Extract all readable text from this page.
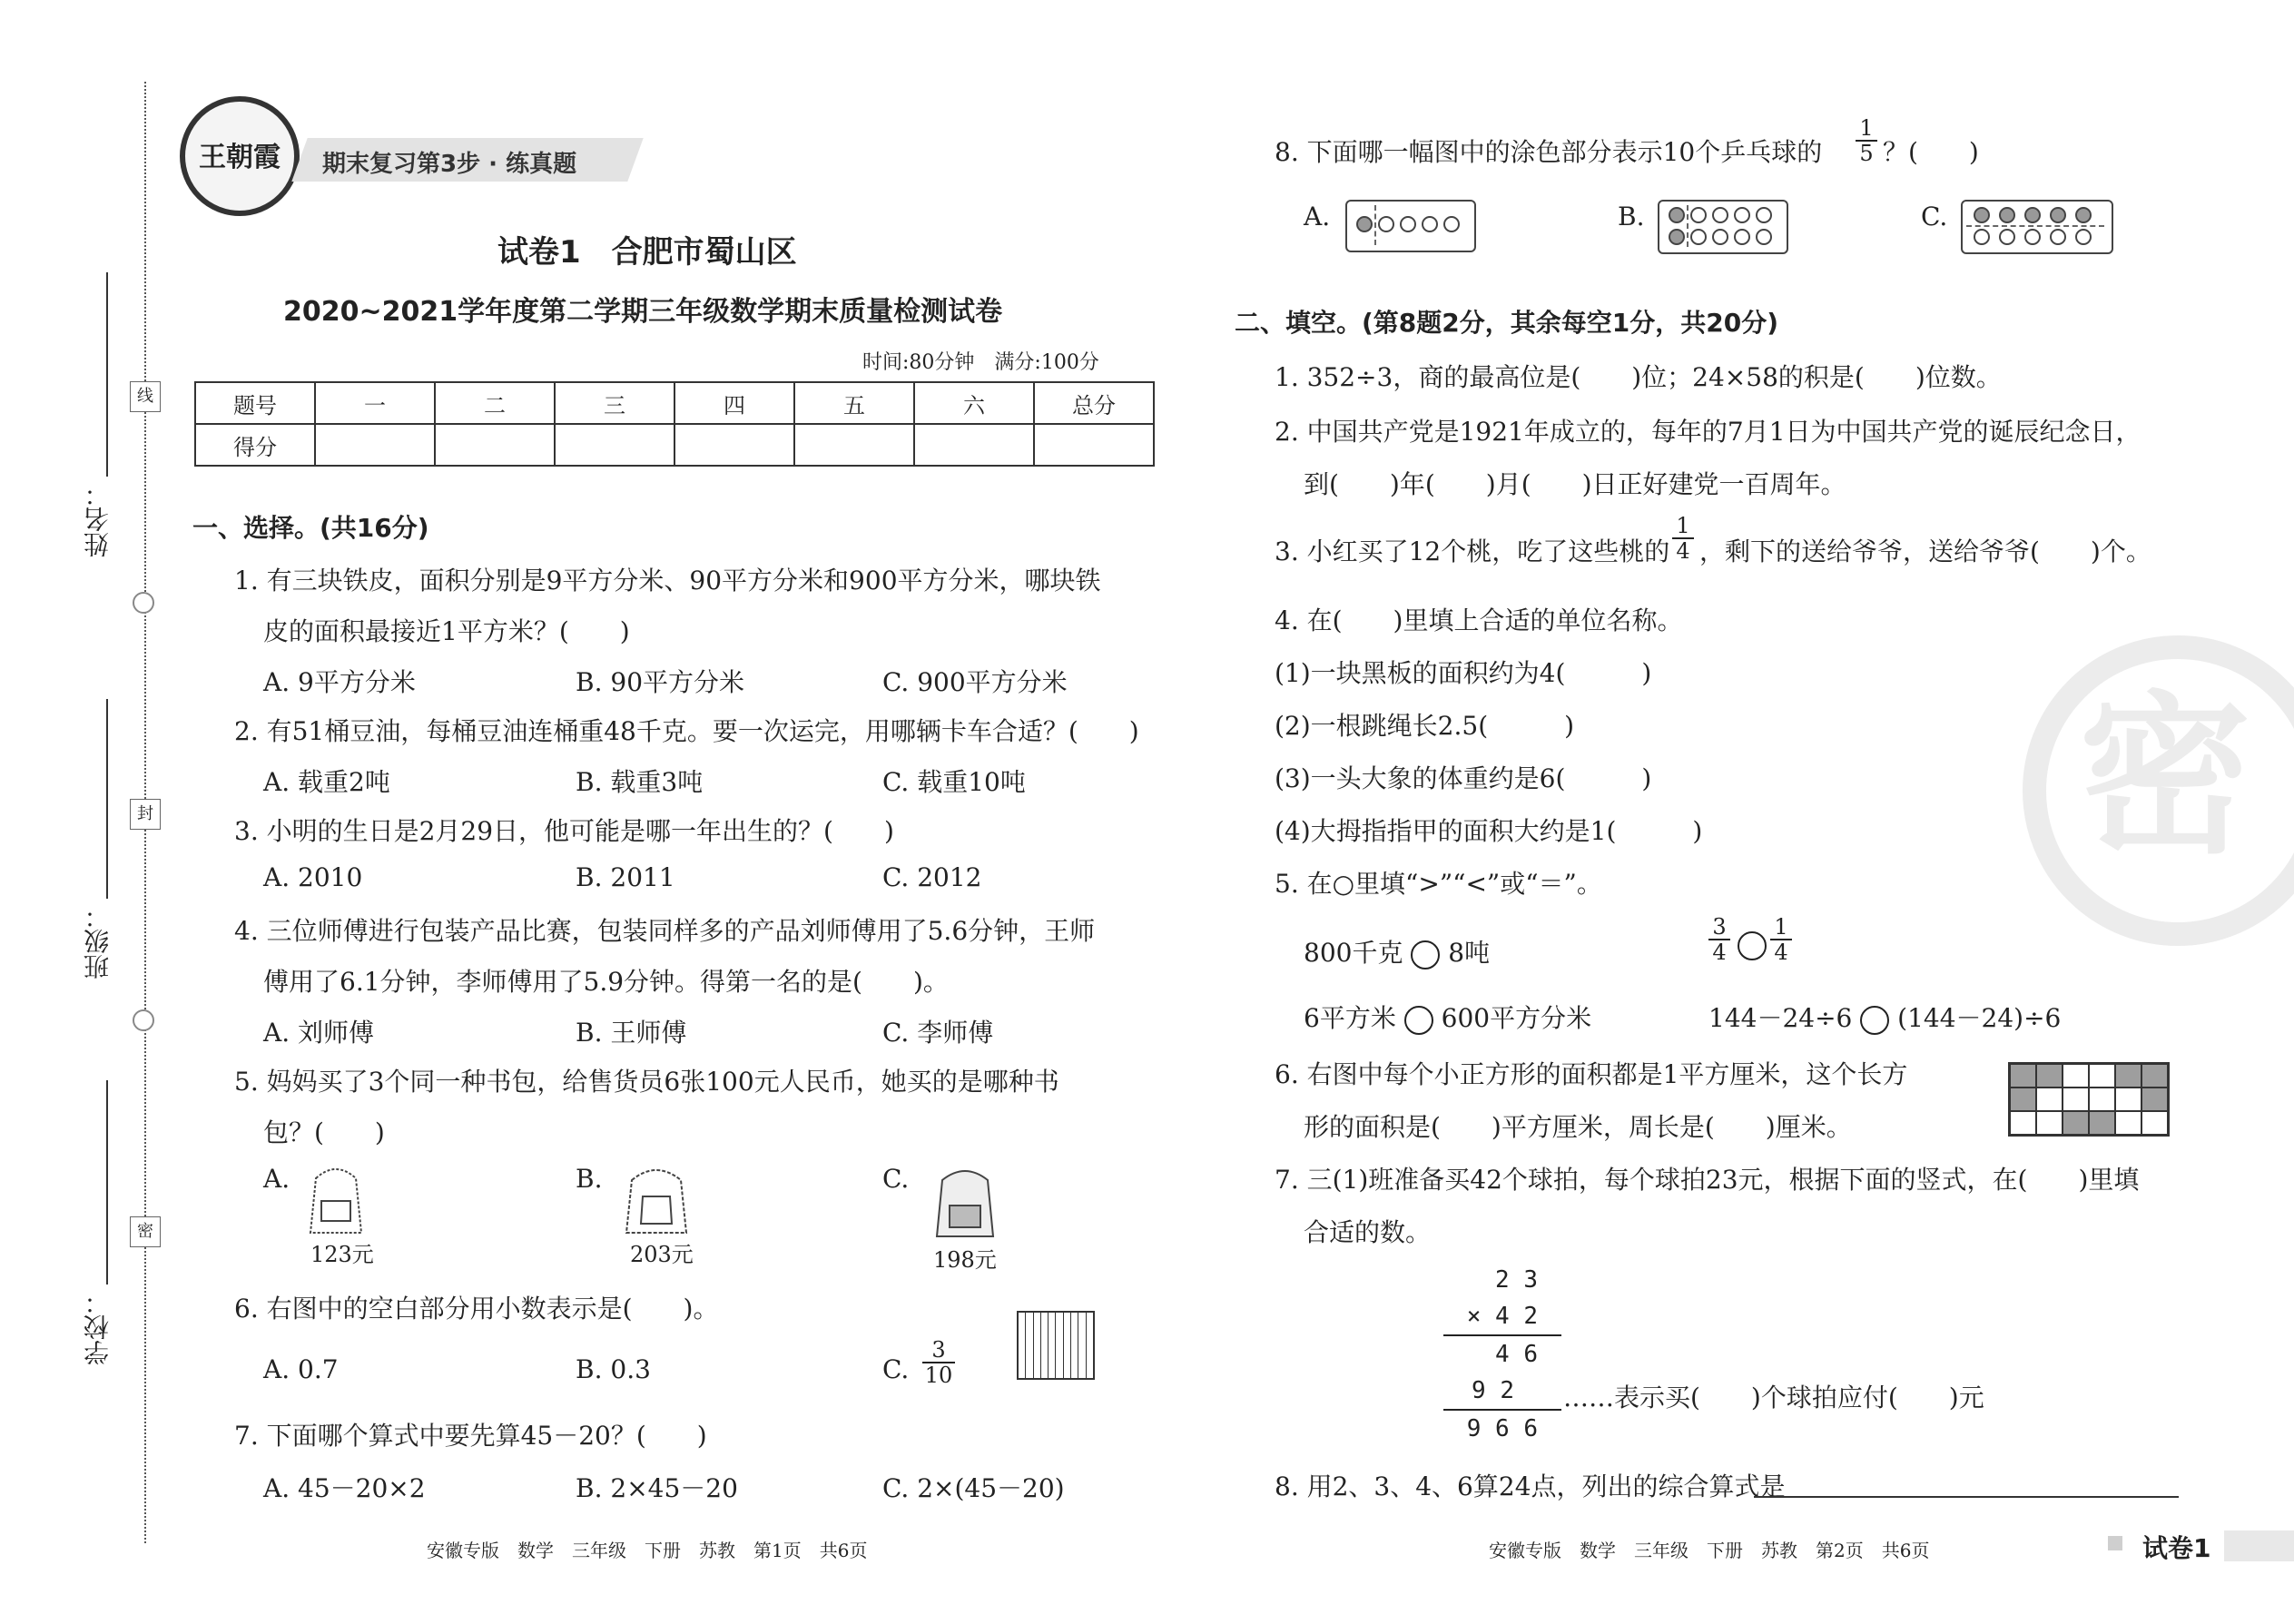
线
封
密
姓名：
班级：
学校：
王朝霞	期末复习第3步 · 练真题
试卷1　合肥市蜀山区
2020~2021学年度第二学期三年级数学期末质量检测试卷
时间:80分钟　满分:100分
题号	一	二	三	四	五	六	总分
得分							
一、选择。(共16分)
1. 有三块铁皮，面积分别是9平方分米、90平方分米和900平方分米，哪块铁
皮的面积最接近1平方米？(　　)
A. 9平方分米	B. 90平方分米	C. 900平方分米
2. 有51桶豆油，每桶豆油连桶重48千克。要一次运完，用哪辆卡车合适？(　　)
A. 载重2吨	B. 载重3吨	C. 载重10吨
3. 小明的生日是2月29日，他可能是哪一年出生的？(　　)
A. 2010	B. 2011	C. 2012
4. 三位师傅进行包装产品比赛，包装同样多的产品刘师傅用了5.6分钟，王师
傅用了6.1分钟，李师傅用了5.9分钟。得第一名的是(　　)。
A. 刘师傅	B. 王师傅	C. 李师傅
5. 妈妈买了3个同一种书包，给售货员6张100元人民币，她买的是哪种书
包？(　　)
A.	B.	C.
123元	203元	198元
6. 右图中的空白部分用小数表示是(　　)。
A. 0.7	B. 0.3	C. $\frac{3}{10}$
7. 下面哪个算式中要先算45－20？(　　)
A. 45－20×2	B. 2×45－20	C. 2×(45－20)
安徽专版　数学　三年级　下册　苏教　第1页　共6页
8. 下面哪一幅图中的涂色部分表示10个乒乓球的 $\frac{1}{5}$ ？(　　)
A.	B.	C.
二、填空。(第8题2分，其余每空1分，共20分)
1. 352÷3，商的最高位是(　　)位；24×58的积是(　　)位数。
2. 中国共产党是1921年成立的，每年的7月1日为中国共产党的诞辰纪念日，
到(　　)年(　　)月(　　)日正好建党一百周年。
3. 小红买了12个桃，吃了这些桃的 $\frac{1}{4}$ ，剩下的送给爷爷，送给爷爷(　　)个。
4. 在(　　)里填上合适的单位名称。
(1)一块黑板的面积约为4(　　　)
(2)一根跳绳长2.5(　　　)
(3)一头大象的体重约是6(　　　)
(4)大拇指指甲的面积大约是1(　　　)
5. 在○里填“>”“<”或“＝”。
800千克 8吨	$\frac{3}{4} \frac{1}{4}$
6平方米 600平方分米	144－24÷6 (144－24)÷6
6. 右图中每个小正方形的面积都是1平方厘米，这个长方
形的面积是(　　)平方厘米，周长是(　　)厘米。
7. 三(1)班准备买42个球拍，每个球拍23元，根据下面的竖式，在(　　)里填
合适的数。
2 3
× 4 2
4 6
9 2
9 6 6
……表示买(　　)个球拍应付(　　)元
8. 用2、3、4、6算24点，列出的综合算式是
密
安徽专版　数学　三年级　下册　苏教　第2页　共6页	试卷1
